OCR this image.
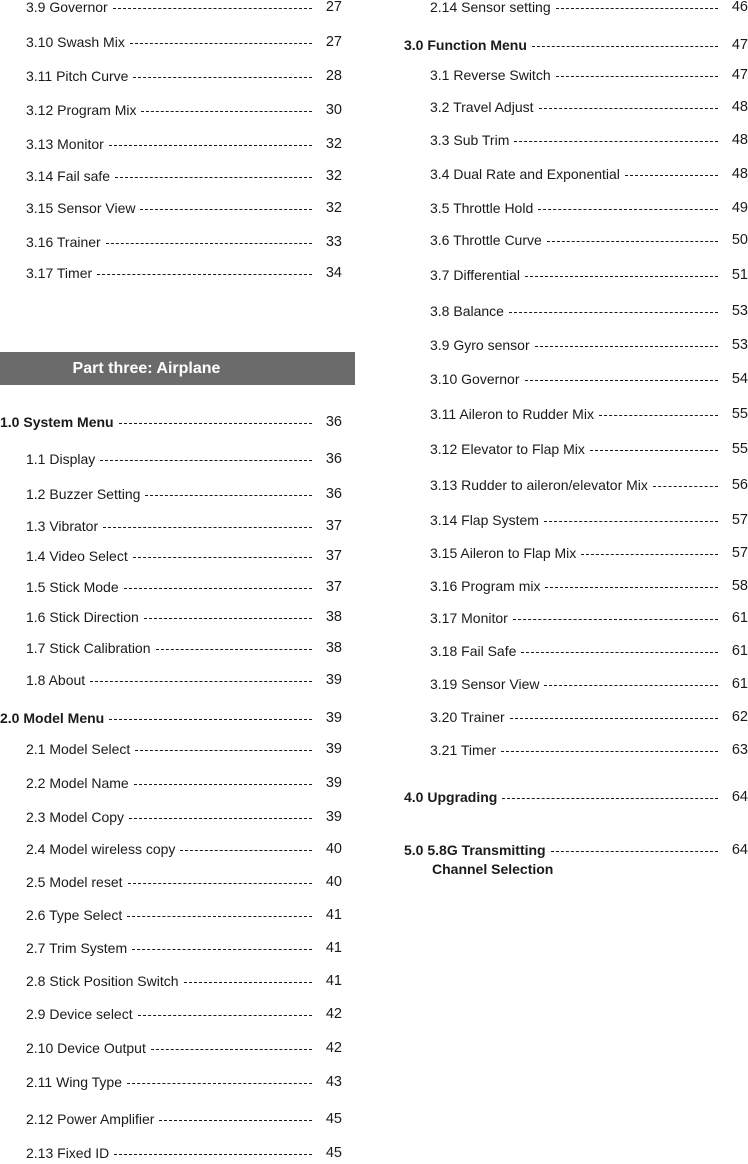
3.9 Governor	27
3.10 Swash Mix	27
3.11 Pitch Curve	28
3.12 Program Mix	30
3.13 Monitor	32
3.14 Fail safe	32
3.15 Sensor View	32
3.16 Trainer	33
3.17 Timer	34
1.0 System Menu	36
1.1 Display	36
1.2 Buzzer Setting	36
1.3 Vibrator	37
1.4 Video Select	37
1.5 Stick Mode	37
1.6 Stick Direction	38
1.7 Stick Calibration	38
1.8 About	39
2.0 Model Menu	39
2.1 Model Select	39
2.2 Model Name	39
2.3 Model Copy	39
2.4 Model wireless copy	40
2.5 Model reset	40
2.6 Type Select	41
2.7 Trim System	41
2.8 Stick Position Switch	41
2.9 Device select	42
2.10 Device Output	42
2.11 Wing Type	43
2.12 Power Amplifier	45
2.13 Fixed ID	45
Part three: Airplane
2.14 Sensor setting	46
3.0 Function Menu	47
3.1 Reverse Switch	47
3.2 Travel Adjust	48
3.3 Sub Trim	48
3.4 Dual Rate and Exponential	48
3.5 Throttle Hold	49
3.6 Throttle Curve	50
3.7 Differential	51
3.8 Balance	53
3.9 Gyro sensor	53
3.10 Governor	54
3.11 Aileron to Rudder Mix	55
3.12 Elevator to Flap Mix	55
3.13 Rudder to aileron/elevator Mix	56
3.14 Flap System	57
3.15 Aileron to Flap Mix	57
3.16 Program mix	58
3.17 Monitor	61
3.18 Fail Safe	61
3.19 Sensor View	61
3.20 Trainer	62
3.21 Timer	63
4.0 Upgrading	64
5.0 5.8G Transmitting	64
Channel Selection
